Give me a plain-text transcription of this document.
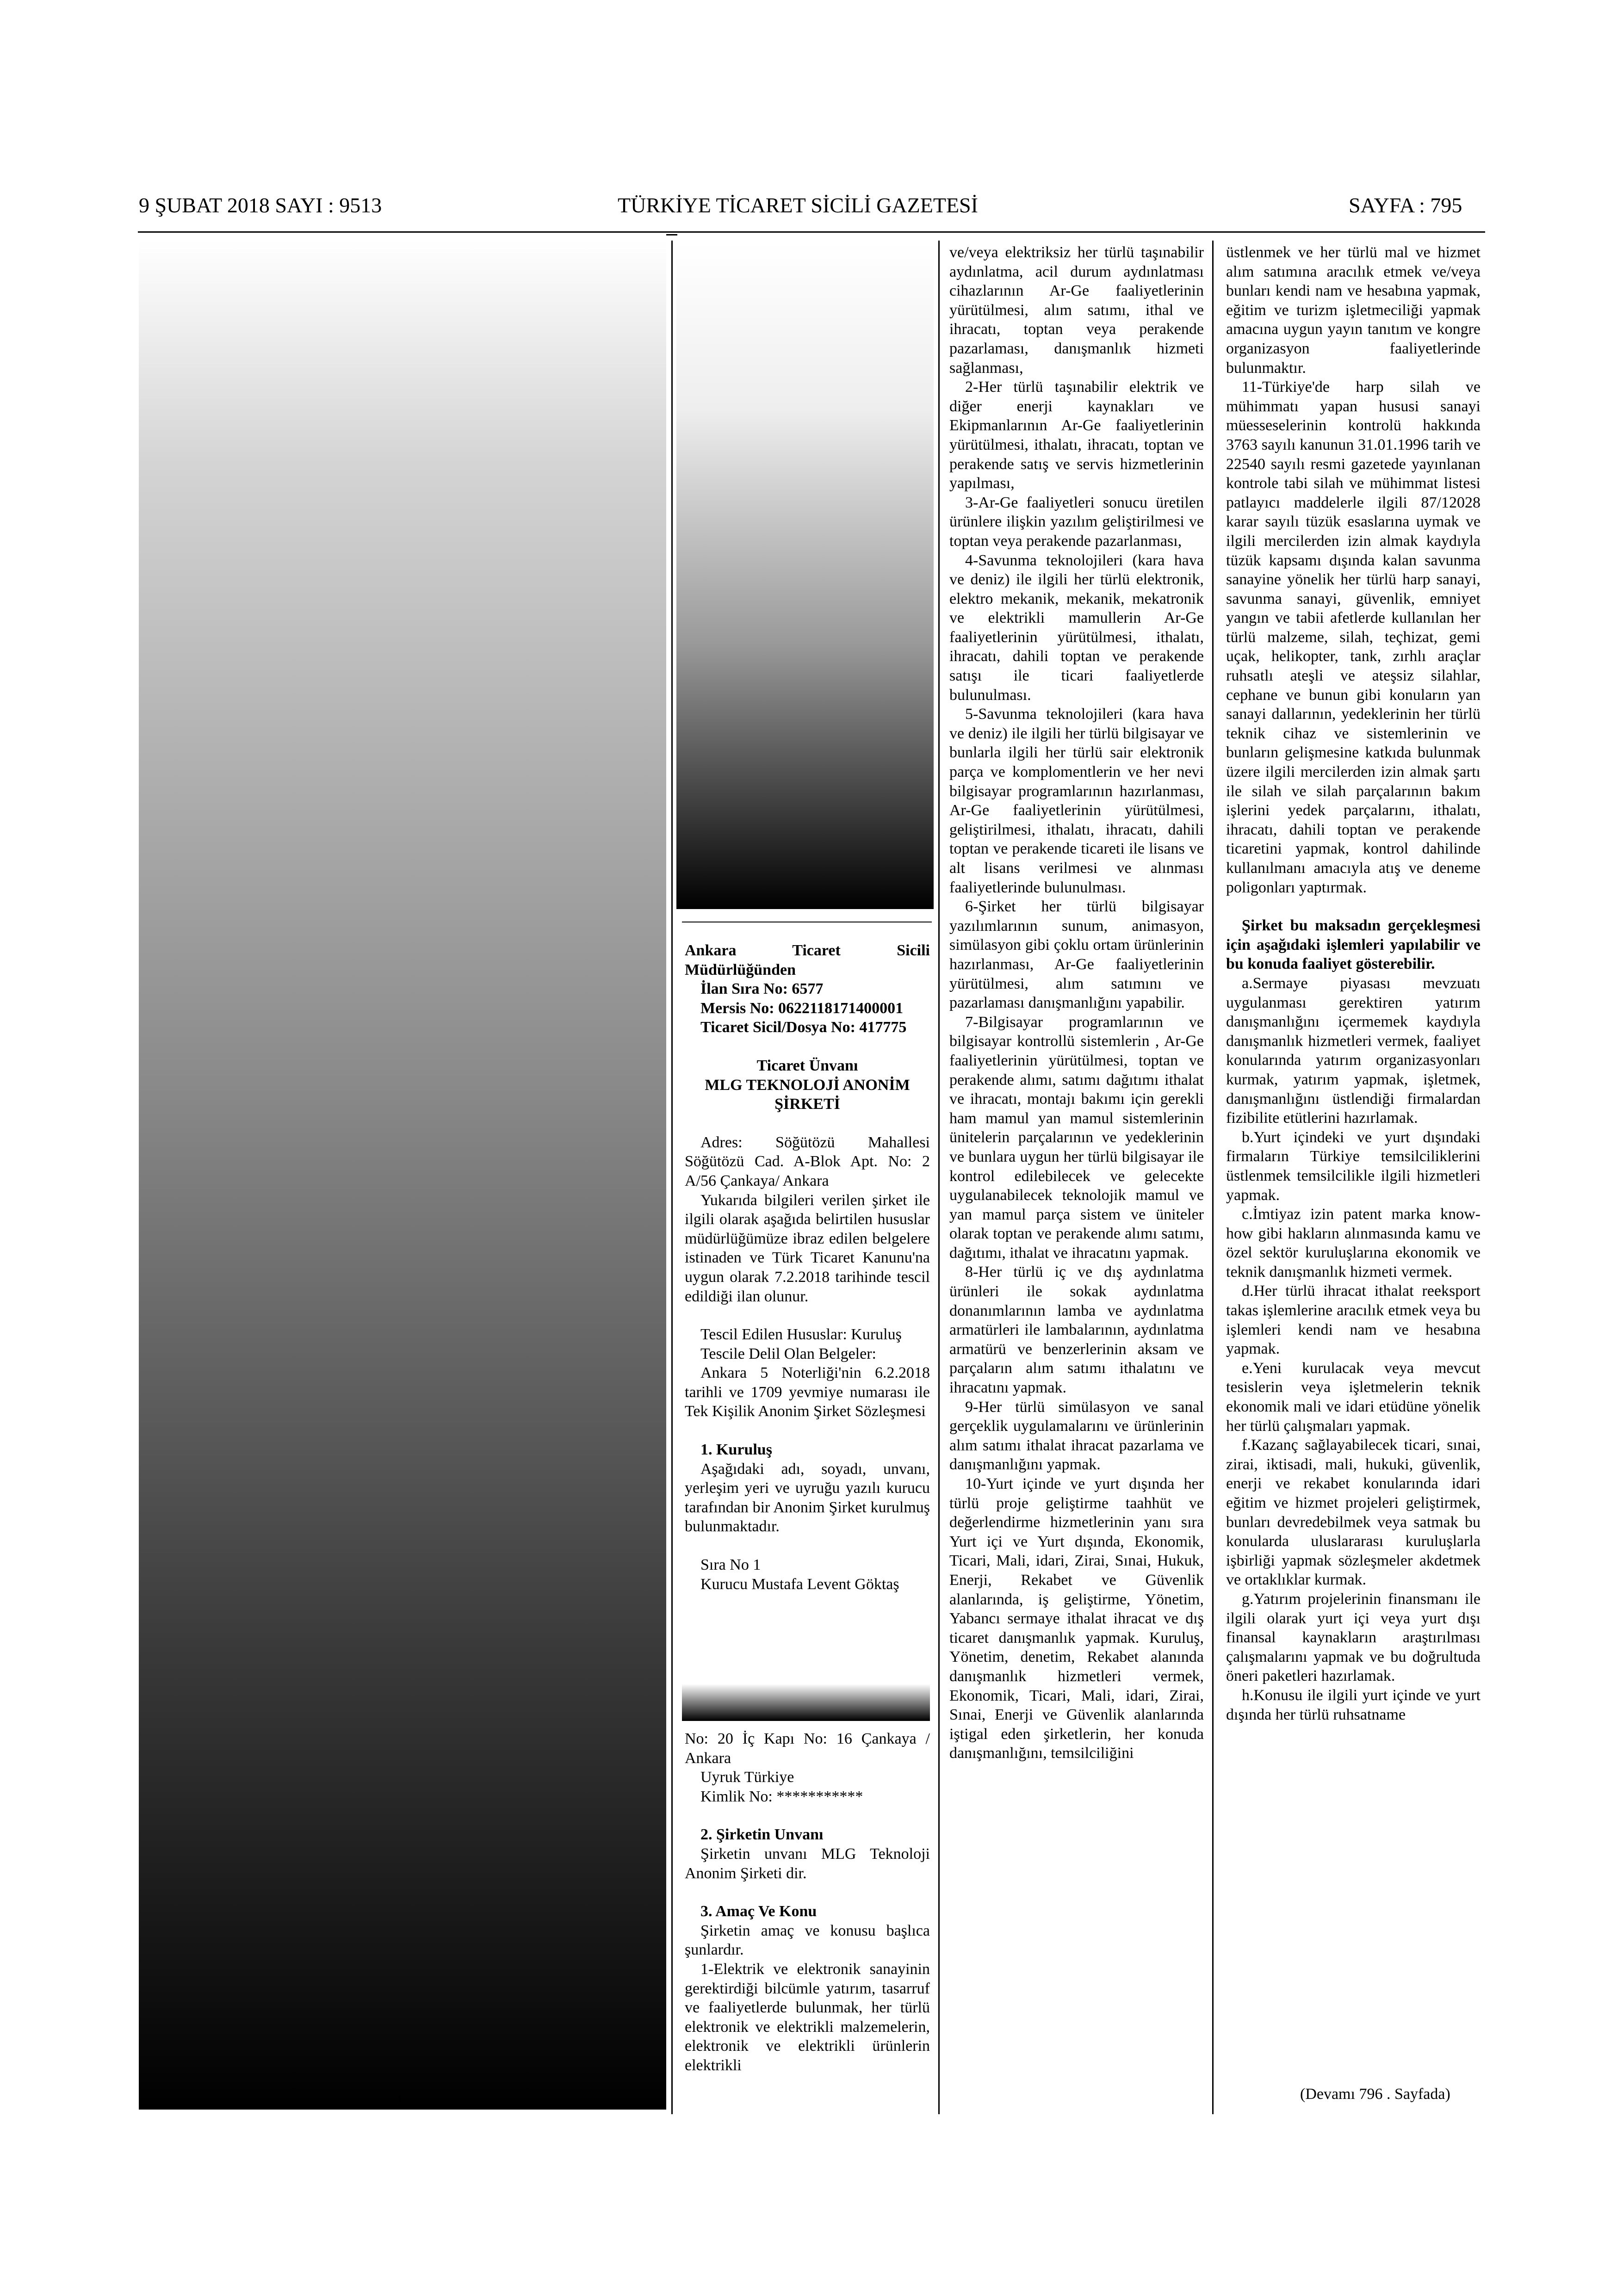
9 ŞUBAT 2018 SAYI : 9513	TÜRKİYE TİCARET SİCİLİ GAZETESİ	SAYFA : 795

Ankara Ticaret Sicili Müdürlüğünden

İlan Sıra No: 6577

Mersis No: 0622118171400001

Ticaret Sicil/Dosya No: 417775

Ticaret Ünvanı

MLG TEKNOLOJİ ANONİM ŞİRKETİ

Adres: Söğütözü Mahallesi Söğütözü Cad. A-Blok Apt. No: 2 A/56 Çankaya/ Ankara

Yukarıda bilgileri verilen şirket ile ilgili olarak aşağıda belirtilen hususlar müdürlüğümüze ibraz edilen belgelere istinaden ve Türk Ticaret Kanunu'na uygun olarak 7.2.2018 tarihinde tescil edildiği ilan olunur.

Tescil Edilen Hususlar: Kuruluş

Tescile Delil Olan Belgeler:

Ankara 5 Noterliği'nin 6.2.2018 tarihli ve 1709 yevmiye numarası ile Tek Kişilik Anonim Şirket Sözleşmesi

1. Kuruluş

Aşağıdaki adı, soyadı, unvanı, yerleşim yeri ve uyruğu yazılı kurucu tarafından bir Anonim Şirket kurulmuş bulunmaktadır.

Sıra No 1

Kurucu Mustafa Levent Göktaş

No: 20 İç Kapı No: 16 Çankaya / Ankara

Uyruk Türkiye

Kimlik No: ***********

2. Şirketin Unvanı

Şirketin unvanı MLG Teknoloji Anonim Şirketi dir.

3. Amaç Ve Konu

Şirketin amaç ve konusu başlıca şunlardır.

1-Elektrik ve elektronik sanayinin gerektirdiği bilcümle yatırım, tasarruf ve faaliyetlerde bulunmak, her türlü elektronik ve elektrikli malzemelerin, elektronik ve elektrikli ürünlerin elektrikli

ve/veya elektriksiz her türlü taşınabilir aydınlatma, acil durum aydınlatması cihazlarının Ar-Ge faaliyetlerinin yürütülmesi, alım satımı, ithal ve ihracatı, toptan veya perakende pazarlaması, danışmanlık hizmeti sağlanması,

2-Her türlü taşınabilir elektrik ve diğer enerji kaynakları ve Ekipmanlarının Ar-Ge faaliyetlerinin yürütülmesi, ithalatı, ihracatı, toptan ve perakende satış ve servis hizmetlerinin yapılması,

3-Ar-Ge faaliyetleri sonucu üretilen ürünlere ilişkin yazılım geliştirilmesi ve toptan veya perakende pazarlanması,

4-Savunma teknolojileri (kara hava ve deniz) ile ilgili her türlü elektronik, elektro mekanik, mekanik, mekatronik ve elektrikli mamullerin Ar-Ge faaliyetlerinin yürütülmesi, ithalatı, ihracatı, dahili toptan ve perakende satışı ile ticari faaliyetlerde bulunulması.

5-Savunma teknolojileri (kara hava ve deniz) ile ilgili her türlü bilgisayar ve bunlarla ilgili her türlü sair elektronik parça ve komplomentlerin ve her nevi bilgisayar programlarının hazırlanması, Ar-Ge faaliyetlerinin yürütülmesi, geliştirilmesi, ithalatı, ihracatı, dahili toptan ve perakende ticareti ile lisans ve alt lisans verilmesi ve alınması faaliyetlerinde bulunulması.

6-Şirket her türlü bilgisayar yazılımlarının sunum, animasyon, simülasyon gibi çoklu ortam ürünlerinin hazırlanması, Ar-Ge faaliyetlerinin yürütülmesi, alım satımını ve pazarlaması danışmanlığını yapabilir.

7-Bilgisayar programlarının ve bilgisayar kontrollü sistemlerin , Ar-Ge faaliyetlerinin yürütülmesi, toptan ve perakende alımı, satımı dağıtımı ithalat ve ihracatı, montajı bakımı için gerekli ham mamul yan mamul sistemlerinin ünitelerin parçalarının ve yedeklerinin ve bunlara uygun her türlü bilgisayar ile kontrol edilebilecek ve gelecekte uygulanabilecek teknolojik mamul ve yan mamul parça sistem ve üniteler olarak toptan ve perakende alımı satımı, dağıtımı, ithalat ve ihracatını yapmak.

8-Her türlü iç ve dış aydınlatma ürünleri ile sokak aydınlatma donanımlarının lamba ve aydınlatma armatürleri ile lambalarının, aydınlatma armatürü ve benzerlerinin aksam ve parçaların alım satımı ithalatını ve ihracatını yapmak.

9-Her türlü simülasyon ve sanal gerçeklik uygulamalarını ve ürünlerinin alım satımı ithalat ihracat pazarlama ve danışmanlığını yapmak.

10-Yurt içinde ve yurt dışında her türlü proje geliştirme taahhüt ve değerlendirme hizmetlerinin yanı sıra Yurt içi ve Yurt dışında, Ekonomik, Ticari, Mali, idari, Zirai, Sınai, Hukuk, Enerji, Rekabet ve Güvenlik alanlarında, iş geliştirme, Yönetim, Yabancı sermaye ithalat ihracat ve dış ticaret danışmanlık yapmak. Kuruluş, Yönetim, denetim, Rekabet alanında danışmanlık hizmetleri vermek, Ekonomik, Ticari, Mali, idari, Zirai, Sınai, Enerji ve Güvenlik alanlarında iştigal eden şirketlerin, her konuda danışmanlığını, temsilciliğini

üstlenmek ve her türlü mal ve hizmet alım satımına aracılık etmek ve/veya bunları kendi nam ve hesabına yapmak, eğitim ve turizm işletmeciliği yapmak amacına uygun yayın tanıtım ve kongre organizasyon faaliyetlerinde bulunmaktır.

11-Türkiye'de harp silah ve mühimmatı yapan hususi sanayi müesseselerinin kontrolü hakkında 3763 sayılı kanunun 31.01.1996 tarih ve 22540 sayılı resmi gazetede yayınlanan kontrole tabi silah ve mühimmat listesi patlayıcı maddelerle ilgili 87/12028 karar sayılı tüzük esaslarına uymak ve ilgili mercilerden izin almak kaydıyla tüzük kapsamı dışında kalan savunma sanayine yönelik her türlü harp sanayi, savunma sanayi, güvenlik, emniyet yangın ve tabii afetlerde kullanılan her türlü malzeme, silah, teçhizat, gemi uçak, helikopter, tank, zırhlı araçlar ruhsatlı ateşli ve ateşsiz silahlar, cephane ve bunun gibi konuların yan sanayi dallarının, yedeklerinin her türlü teknik cihaz ve sistemlerinin ve bunların gelişmesine katkıda bulunmak üzere ilgili mercilerden izin almak şartı ile silah ve silah parçalarının bakım işlerini yedek parçalarını, ithalatı, ihracatı, dahili toptan ve perakende ticaretini yapmak, kontrol dahilinde kullanılmanı amacıyla atış ve deneme poligonları yaptırmak.

Şirket bu maksadın gerçekleşmesi için aşağıdaki işlemleri yapılabilir ve bu konuda faaliyet gösterebilir.

a.Sermaye piyasası mevzuatı uygulanması gerektiren yatırım danışmanlığını içermemek kaydıyla danışmanlık hizmetleri vermek, faaliyet konularında yatırım organizasyonları kurmak, yatırım yapmak, işletmek, danışmanlığını üstlendiği firmalardan fizibilite etütlerini hazırlamak.

b.Yurt içindeki ve yurt dışındaki firmaların Türkiye temsilciliklerini üstlenmek temsilcilikle ilgili hizmetleri yapmak.

c.İmtiyaz izin patent marka know-how gibi hakların alınmasında kamu ve özel sektör kuruluşlarına ekonomik ve teknik danışmanlık hizmeti vermek.

d.Her türlü ihracat ithalat reeksport takas işlemlerine aracılık etmek veya bu işlemleri kendi nam ve hesabına yapmak.

e.Yeni kurulacak veya mevcut tesislerin veya işletmelerin teknik ekonomik mali ve idari etüdüne yönelik her türlü çalışmaları yapmak.

f.Kazanç sağlayabilecek ticari, sınai, zirai, iktisadi, mali, hukuki, güvenlik, enerji ve rekabet konularında idari eğitim ve hizmet projeleri geliştirmek, bunları devredebilmek veya satmak bu konularda uluslararası kuruluşlarla işbirliği yapmak sözleşmeler akdetmek ve ortaklıklar kurmak.

g.Yatırım projelerinin finansmanı ile ilgili olarak yurt içi veya yurt dışı finansal kaynakların araştırılması çalışmalarını yapmak ve bu doğrultuda öneri paketleri hazırlamak.

h.Konusu ile ilgili yurt içinde ve yurt dışında her türlü ruhsatname

(Devamı 796 . Sayfada)
